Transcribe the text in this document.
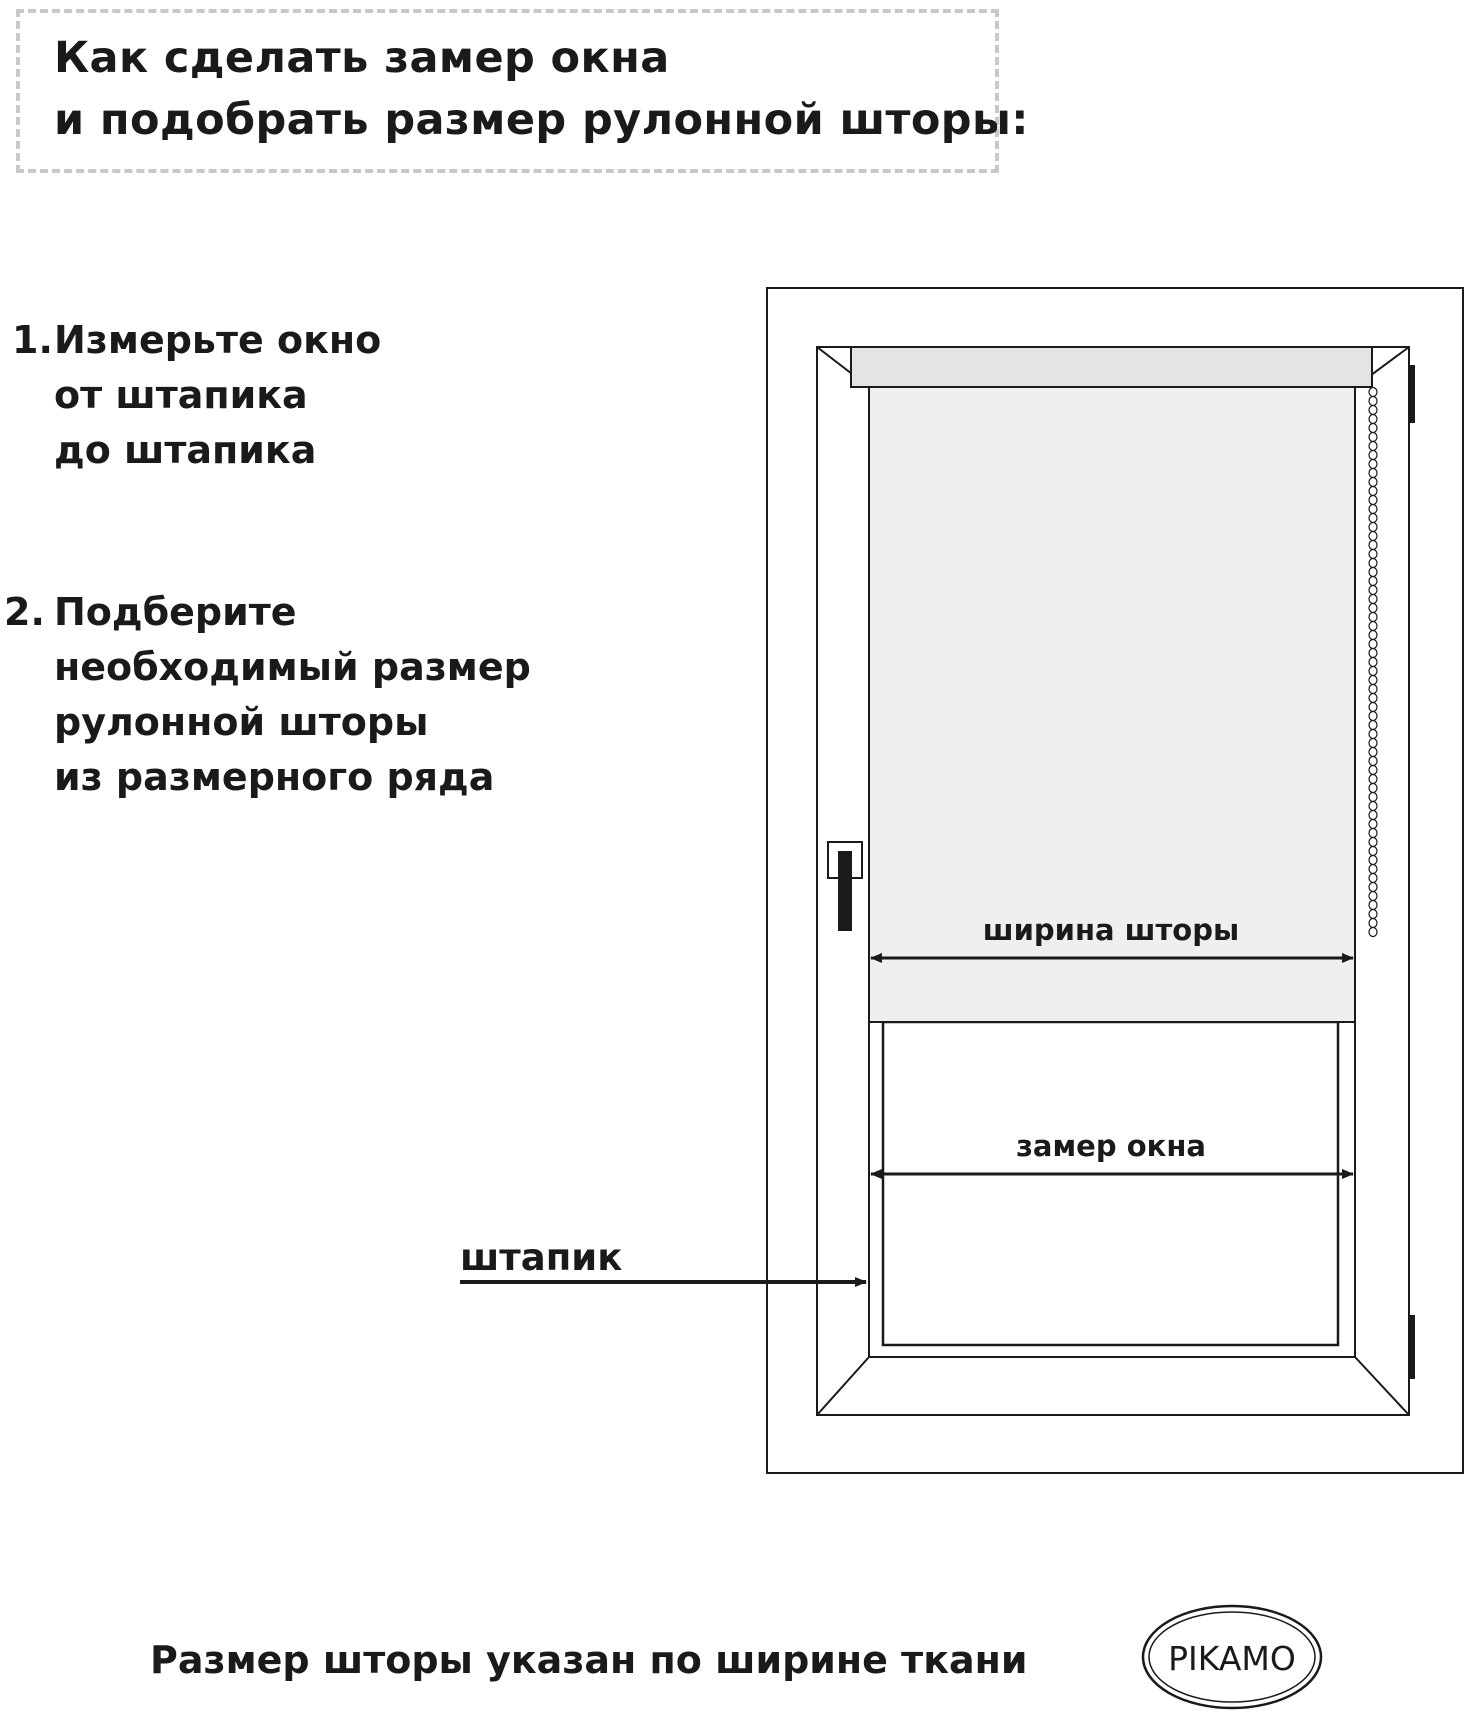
Как сделать замер окна
и подобрать размер рулонной шторы:
1. Измерьте окно
от штапика
до штапика
2. Подберите
необходимый размер
рулонной шторы
из размерного ряда
ширина шторы
замер окна
штапик
PIKAMO
Размер шторы указан по ширине ткани
